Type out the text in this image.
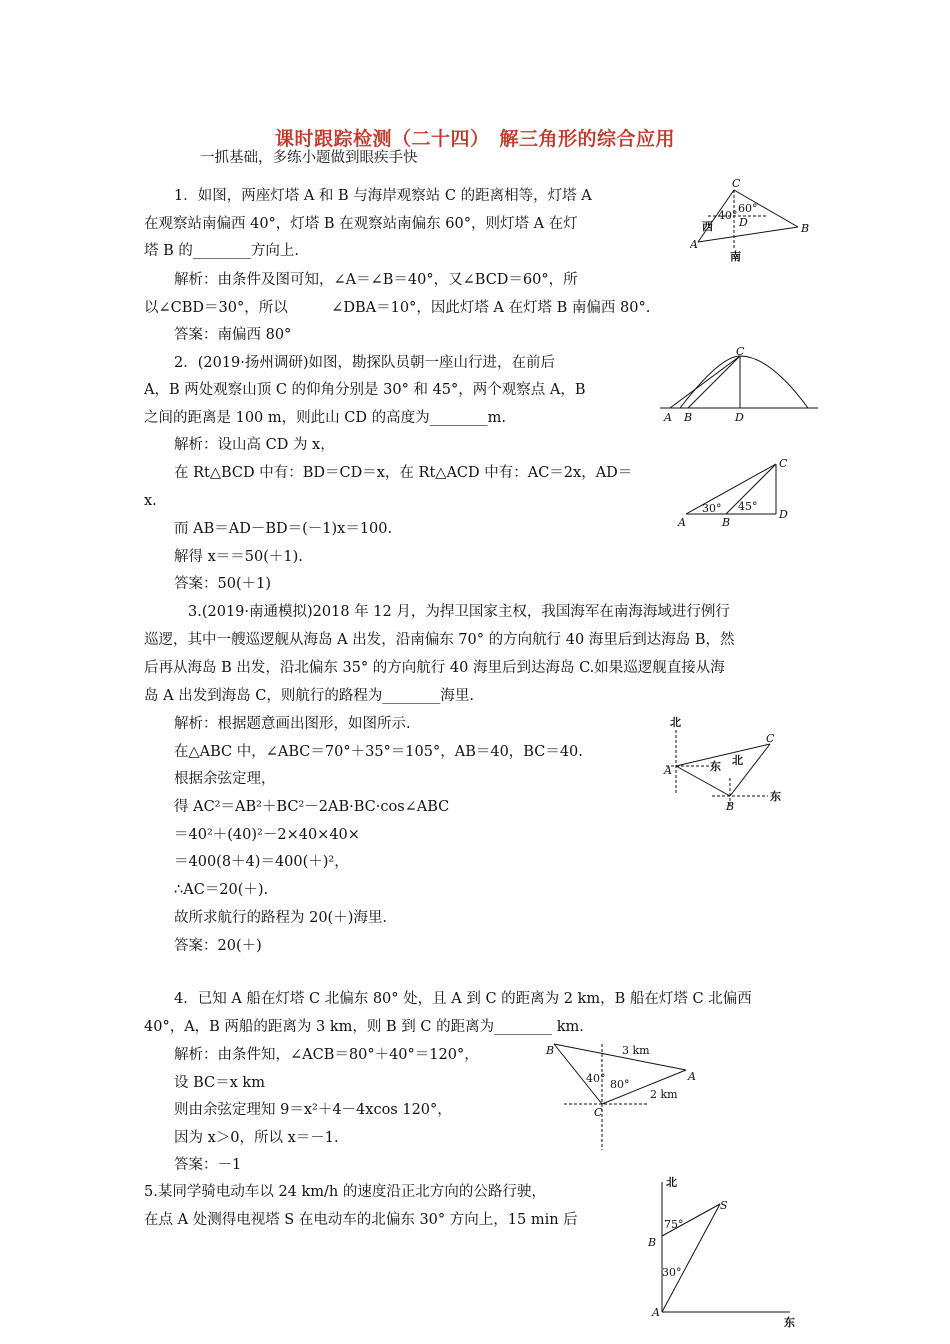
课时跟踪检测（二十四）　解三角形的综合应用
一抓基础，多练小题做到眼疾手快
1．如图，两座灯塔 A 和 B 与海岸观察站 C 的距离相等，灯塔 A
在观察站南偏西 40°，灯塔 B 在观察站南偏东 60°，则灯塔 A 在灯
塔 B 的________方向上.
解析：由条件及图可知，∠A＝∠B＝40°，又∠BCD＝60°，所
以∠CBD＝30°，所以　　　∠DBA＝10°，因此灯塔 A 在灯塔 B 南偏西 80°.
答案：南偏西 80°
2．(2019·扬州调研)如图，勘探队员朝一座山行进，在前后
A，B 两处观察山顶 C 的仰角分别是 30° 和 45°，两个观察点 A，B
之间的距离是 100 m，则此山 CD 的高度为________m.
解析：设山高 CD 为 x，
在 Rt△BCD 中有：BD＝CD＝x，在 Rt△ACD 中有：AC＝2x，AD＝
x.
而 AB＝AD－BD＝(－1)x＝100.
解得 x＝＝50(＋1).
答案：50(＋1)
3.(2019·南通模拟)2018 年 12 月，为捍卫国家主权，我国海军在南海海域进行例行
巡逻，其中一艘巡逻舰从海岛 A 出发，沿南偏东 70° 的方向航行 40 海里后到达海岛 B，然
后再从海岛 B 出发，沿北偏东 35° 的方向航行 40 海里后到达海岛 C.如果巡逻舰直接从海
岛 A 出发到海岛 C，则航行的路程为________海里.
解析：根据题意画出图形，如图所示.
在△ABC 中，∠ABC＝70°＋35°＝105°，AB＝40，BC＝40.
根据余弦定理，
得 AC²＝AB²＋BC²－2AB·BC·cos∠ABC
＝40²＋(40)²－2×40×40×
＝400(8＋4)＝400(＋)²，
∴AC＝20(＋).
故所求航行的路程为 20(＋)海里.
答案：20(＋)
4．已知 A 船在灯塔 C 北偏东 80° 处，且 A 到 C 的距离为 2 km，B 船在灯塔 C 北偏西
40°，A，B 两船的距离为 3 km，则 B 到 C 的距离为________ km.
解析：由条件知，∠ACB＝80°＋40°＝120°，
设 BC＝x km
则由余弦定理知 9＝x²＋4－4xcos 120°，
因为 x＞0，所以 x＝－1.
答案：－1
5.某同学骑电动车以 24 km/h 的速度沿正北方向的公路行驶，
在点 A 处测得电视塔 S 在电动车的北偏东 30° 方向上，15 min 后
C
40°
60°
D
西
A
B
南
C
A B	D
C
30° 45°
A	B
D
北
C
A	东 北
B
东
B	3 km
40° 80°
A
2 km
C
北
S
75°
B
30°
A
东
